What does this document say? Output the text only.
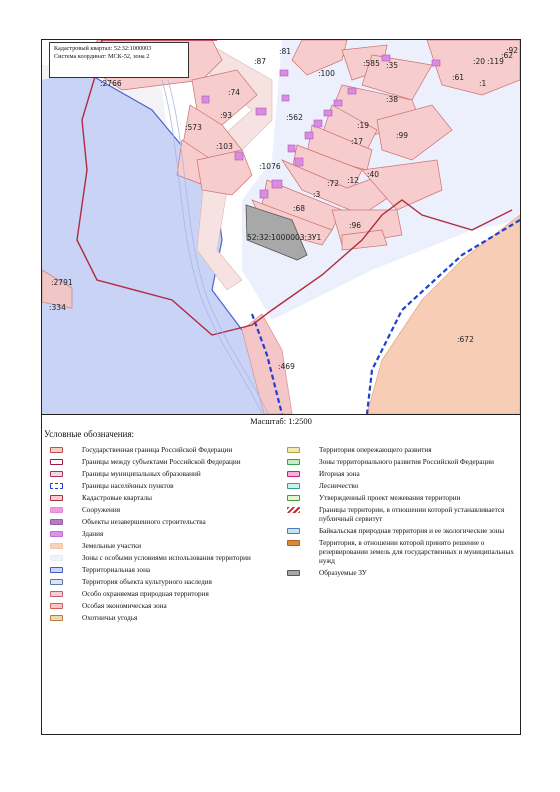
:81
:87
:100
:585 :35
:61
:20 :119
:92
:62
:1
:2766
:74
:93
:573
:103
:562
:38
:19
:17
:99
:1076
:40
:72 :12
:3
:68
:96
:2791
:334
:469
:672
52:32:1000003:ЗУ1
Кадастровый квартал: 52:32:1000003
Система координат: МСК-52, зона 2
Масштаб: 1:2500
Условные обозначения:
Государственная граница Российской Федерации
Границы между субъектами Российской Федерации
Границы муниципальных образований
Границы населённых пунктов
Кадастровые кварталы
Сооружения
Объекты незавершенного строительства
Здания
Земельные участки
Зоны с особыми условиями использования территории
Территориальная зона
Территория объекта культурного наследия
Особо охраняемая природная территория
Особая экономическая зона
Охотничьи угодья
Территория опережающего развития
Зоны территориального развития Российской Федерации
Игорная зона
Лесничество
Утвержденный проект межевания территории
Границы территории, в отношении которой устанавливается публичный сервитут
Байкальская природная территория и ее экологические зоны
Территория, в отношении которой принято решение о резервировании земель для государственных и муниципальных нужд
Образуемые ЗУ
